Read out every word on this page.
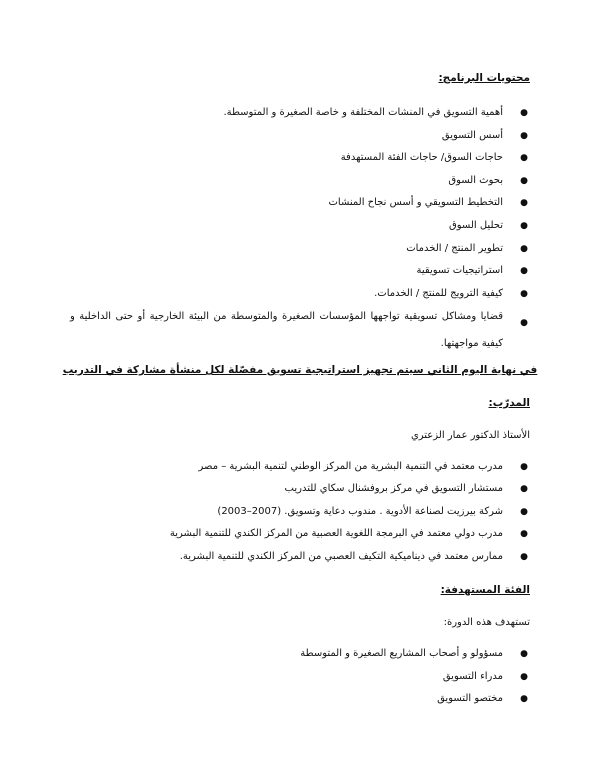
محتويات البرنامج:
●
أهمية التسويق في المنشات المختلفة و خاصة الصغيرة و المتوسطة.
●
أسس التسويق
●
حاجات السوق/ حاجات الفئة المستهدفة
●
بحوث السوق
●
التخطيط التسويقي و أسس نجاح المنشات
●
تحليل السوق
●
تطوير المنتج / الخدمات
●
استراتيجيات تسويقية
●
كيفية الترويج للمنتج / الخدمات.
●
قضايا ومشاكل تسويقية تواجهها المؤسسات الصغيرة والمتوسطة من البيئة الخارجية أو حتى الداخلية و كيفية مواجهتها.
في نهاية اليوم الثاني سيتم تجهيز استراتيجية تسويق مفصّلة لكل منشأة مشاركة في التدريب
المدرّب:
الأستاذ الدكتور عمار الزعتري
●
مدرب معتمد في التنمية البشرية من المركز الوطني لتنمية البشرية – مصر
●
مستشار التسويق في مركز بروفشنال سكاي للتدريب
●
شركة بيرزيت لصناعة الأدوية . مندوب دعاية وتسويق. (2007–2003)
●
مدرب دولي معتمد في البرمجة اللغوية العصبية من المركز الكندي للتنمية البشرية
●
ممارس معتمد في ديناميكية التكيف العصبي من المركز الكندي للتنمية البشرية.
الفئة المستهدفة:
تستهدف هذه الدورة:
●
مسؤولو و أصحاب المشاريع الصغيرة و المتوسطة
●
مدراء التسويق
●
مختصو التسويق
